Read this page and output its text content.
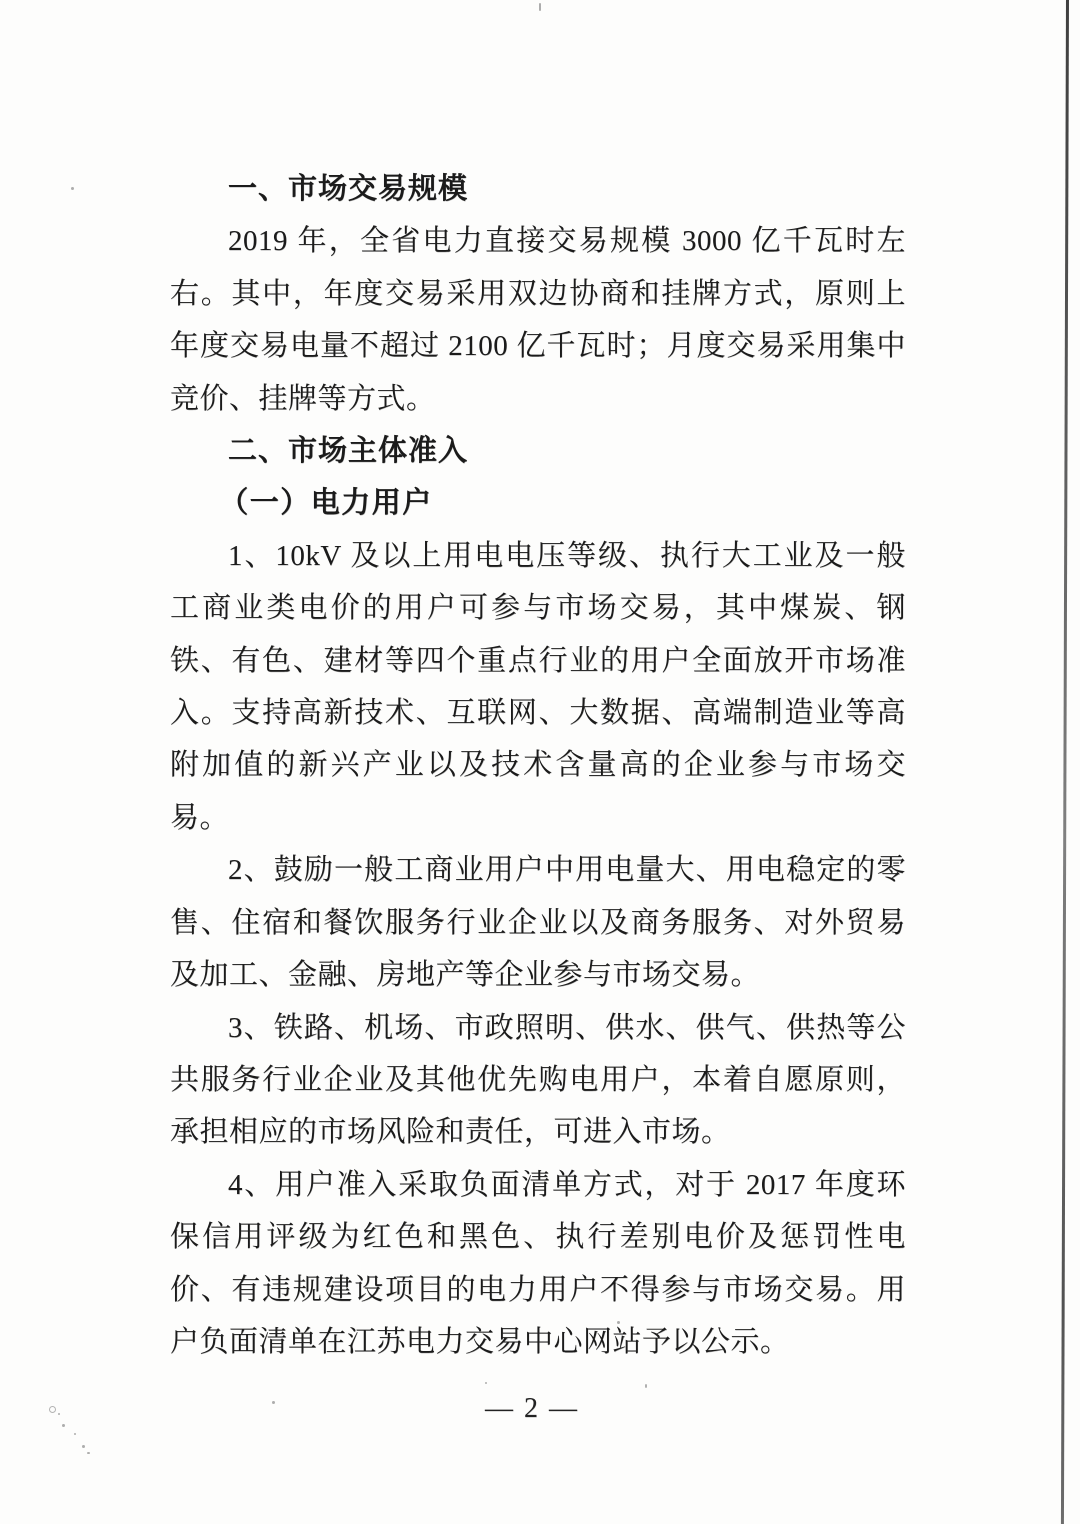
一、市场交易规模

2019 年，全省电力直接交易规模 3000 亿千瓦时左右。其中，年度交易采用双边协商和挂牌方式，原则上年度交易电量不超过 2100 亿千瓦时；月度交易采用集中竞价、挂牌等方式。

二、市场主体准入
（一）电力用户

1、10kV 及以上用电电压等级、执行大工业及一般工商业类电价的用户可参与市场交易，其中煤炭、钢铁、有色、建材等四个重点行业的用户全面放开市场准入。支持高新技术、互联网、大数据、高端制造业等高附加值的新兴产业以及技术含量高的企业参与市场交易。

2、鼓励一般工商业用户中用电量大、用电稳定的零售、住宿和餐饮服务行业企业以及商务服务、对外贸易及加工、金融、房地产等企业参与市场交易。

3、铁路、机场、市政照明、供水、供气、供热等公共服务行业企业及其他优先购电用户，本着自愿原则，承担相应的市场风险和责任，可进入市场。

4、用户准入采取负面清单方式，对于 2017 年度环保信用评级为红色和黑色、执行差别电价及惩罚性电价、有违规建设项目的电力用户不得参与市场交易。用户负面清单在江苏电力交易中心网站予以公示。

— 2 —
